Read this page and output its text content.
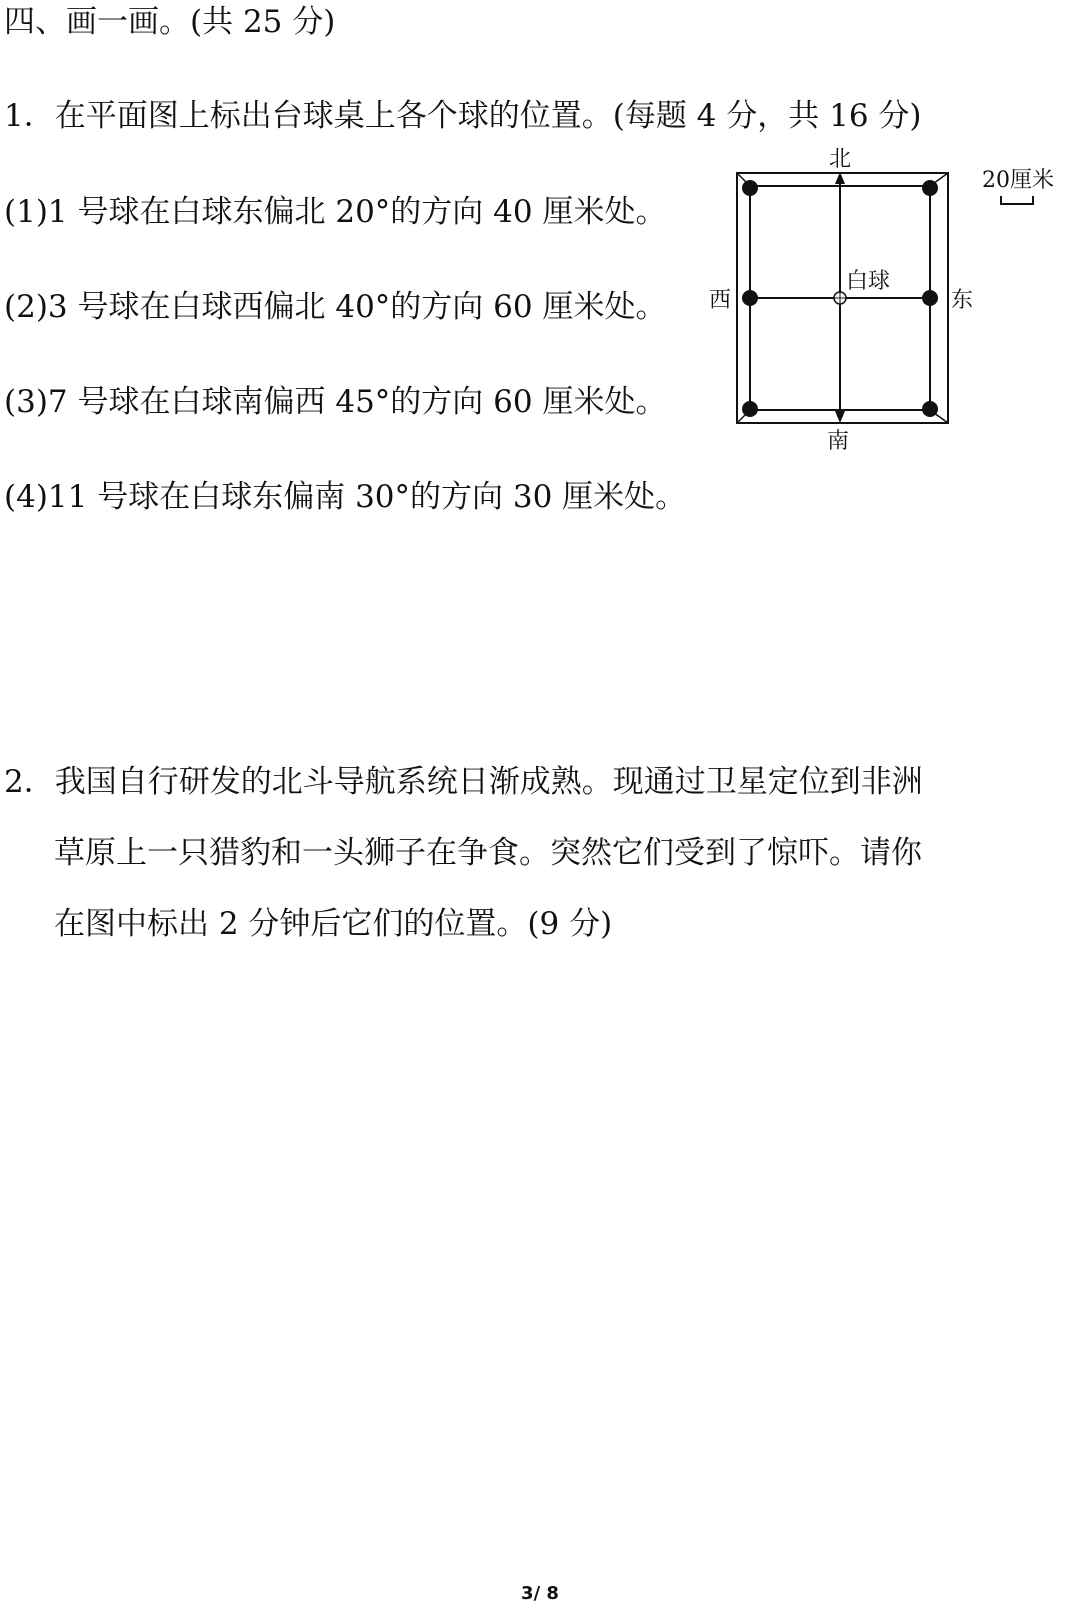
四、画一画。(共 25 分)
1．在平面图上标出台球桌上各个球的位置。(每题 4 分，共 16 分)
(1)1 号球在白球东偏北 20°的方向 40 厘米处。
(2)3 号球在白球西偏北 40°的方向 60 厘米处。
(3)7 号球在白球南偏西 45°的方向 60 厘米处。
(4)11 号球在白球东偏南 30°的方向 30 厘米处。
北
南
西	东
白球
20厘米
2．我国自行研发的北斗导航系统日渐成熟。现通过卫星定位到非洲
草原上一只猎豹和一头狮子在争食。突然它们受到了惊吓。请你
在图中标出 2 分钟后它们的位置。(9 分)
3/ 8
